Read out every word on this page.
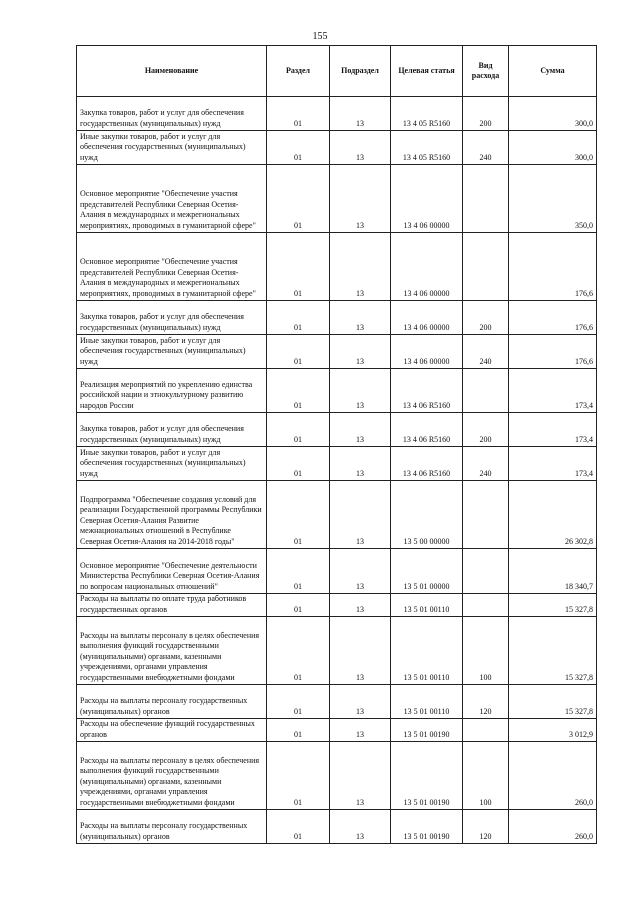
155
Наименование	Раздел	Подраздел	Целевая статья	Вид расхода	Сумма
Закупка товаров, работ и услуг для обеспечения государственных (муниципальных) нужд	01	13	13 4 05 R5160	200	300,0
Иные закупки товаров, работ и услуг для обеспечения государственных (муниципальных) нужд	01	13	13 4 05 R5160	240	300,0
Основное мероприятие "Обеспечение участия представителей Республики Северная Осетия-Алания в международных и межрегиональных мероприятиях, проводимых в гуманитарной сфере"	01	13	13 4 06 00000		350,0
Основное мероприятие "Обеспечение участия представителей Республики Северная Осетия-Алания в международных и межрегиональных мероприятиях, проводимых в гуманитарной сфере"	01	13	13 4 06 00000		176,6
Закупка товаров, работ и услуг для обеспечения государственных (муниципальных) нужд	01	13	13 4 06 00000	200	176,6
Иные закупки товаров, работ и услуг для обеспечения государственных (муниципальных) нужд	01	13	13 4 06 00000	240	176,6
Реализация мероприятий по укреплению единства российской нации и этнокультурному развитию народов России	01	13	13 4 06 R5160		173,4
Закупка товаров, работ и услуг для обеспечения государственных (муниципальных) нужд	01	13	13 4 06 R5160	200	173,4
Иные закупки товаров, работ и услуг для обеспечения государственных (муниципальных) нужд	01	13	13 4 06 R5160	240	173,4
Подпрограмма "Обеспечение создания условий для реализации Государственной программы Республики Северная Осетия-Алания Развитие межнациональных отношений в Республике Северная Осетия-Алания на 2014-2018 годы"	01	13	13 5 00 00000		26 302,8
Основное мероприятие "Обеспечение деятельности Министерства Республики Северная Осетия-Алания по вопросам национальных отношений"	01	13	13 5 01 00000		18 340,7
Расходы на выплаты по оплате труда работников государственных органов	01	13	13 5 01 00110		15 327,8
Расходы на выплаты персоналу в целях обеспечения выполнения функций государственными (муниципальными) органами, казенными учреждениями, органами управления государственными внебюджетными фондами	01	13	13 5 01 00110	100	15 327,8
Расходы на выплаты персоналу государственных (муниципальных) органов	01	13	13 5 01 00110	120	15 327,8
Расходы на обеспечение функций государственных органов	01	13	13 5 01 00190		3 012,9
Расходы на выплаты персоналу в целях обеспечения выполнения функций государственными (муниципальными) органами, казенными учреждениями, органами управления государственными внебюджетными фондами	01	13	13 5 01 00190	100	260,0
Расходы на выплаты персоналу государственных (муниципальных) органов	01	13	13 5 01 00190	120	260,0
